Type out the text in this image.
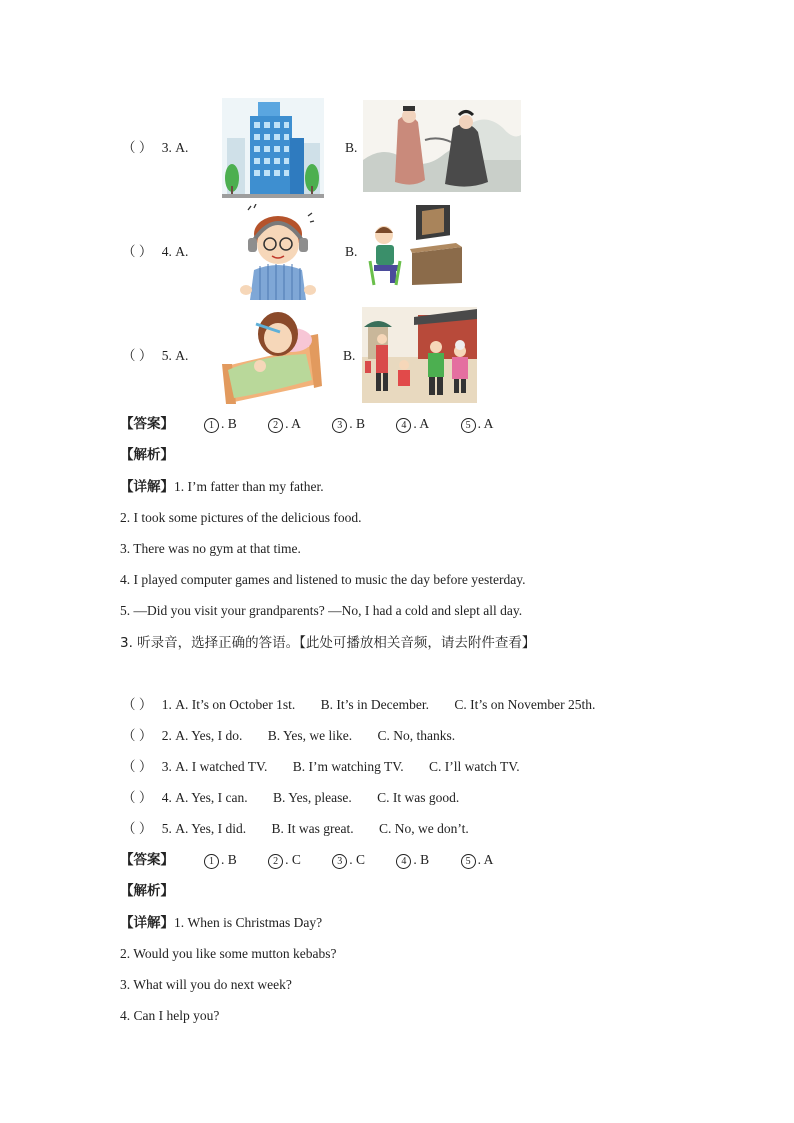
（ ） 3. A.	B.
（ ） 4. A.	B.
（ ） 5. A.	B.
【答案】	1 . B	2 . A	3 . B	4 . A	5 . A
【解析】
【详解】1. I’m fatter than my father.
2. I took some pictures of the delicious food.
3. There was no gym at that time.
4. I played computer games and listened to music the day before yesterday.
5. —Did you visit your grandparents? —No, I had a cold and slept all day.
3. 听录音，选择正确的答语。【此处可播放相关音频，请去附件查看】
（ ） 1. A. It’s on October 1st. B. It’s in December. C. It’s on November 25th.
（ ） 2. A. Yes, I do. B. Yes, we like. C. No, thanks.
（ ） 3. A. I watched TV. B. I’m watching TV. C. I’ll watch TV.
（ ） 4. A. Yes, I can. B. Yes, please. C. It was good.
（ ） 5. A. Yes, I did. B. It was great. C. No, we don’t.
【答案】	1 . B	2 . C	3 . C	4 . B	5 . A
【解析】
【详解】1. When is Christmas Day?
2. Would you like some mutton kebabs?
3. What will you do next week?
4. Can I help you?
